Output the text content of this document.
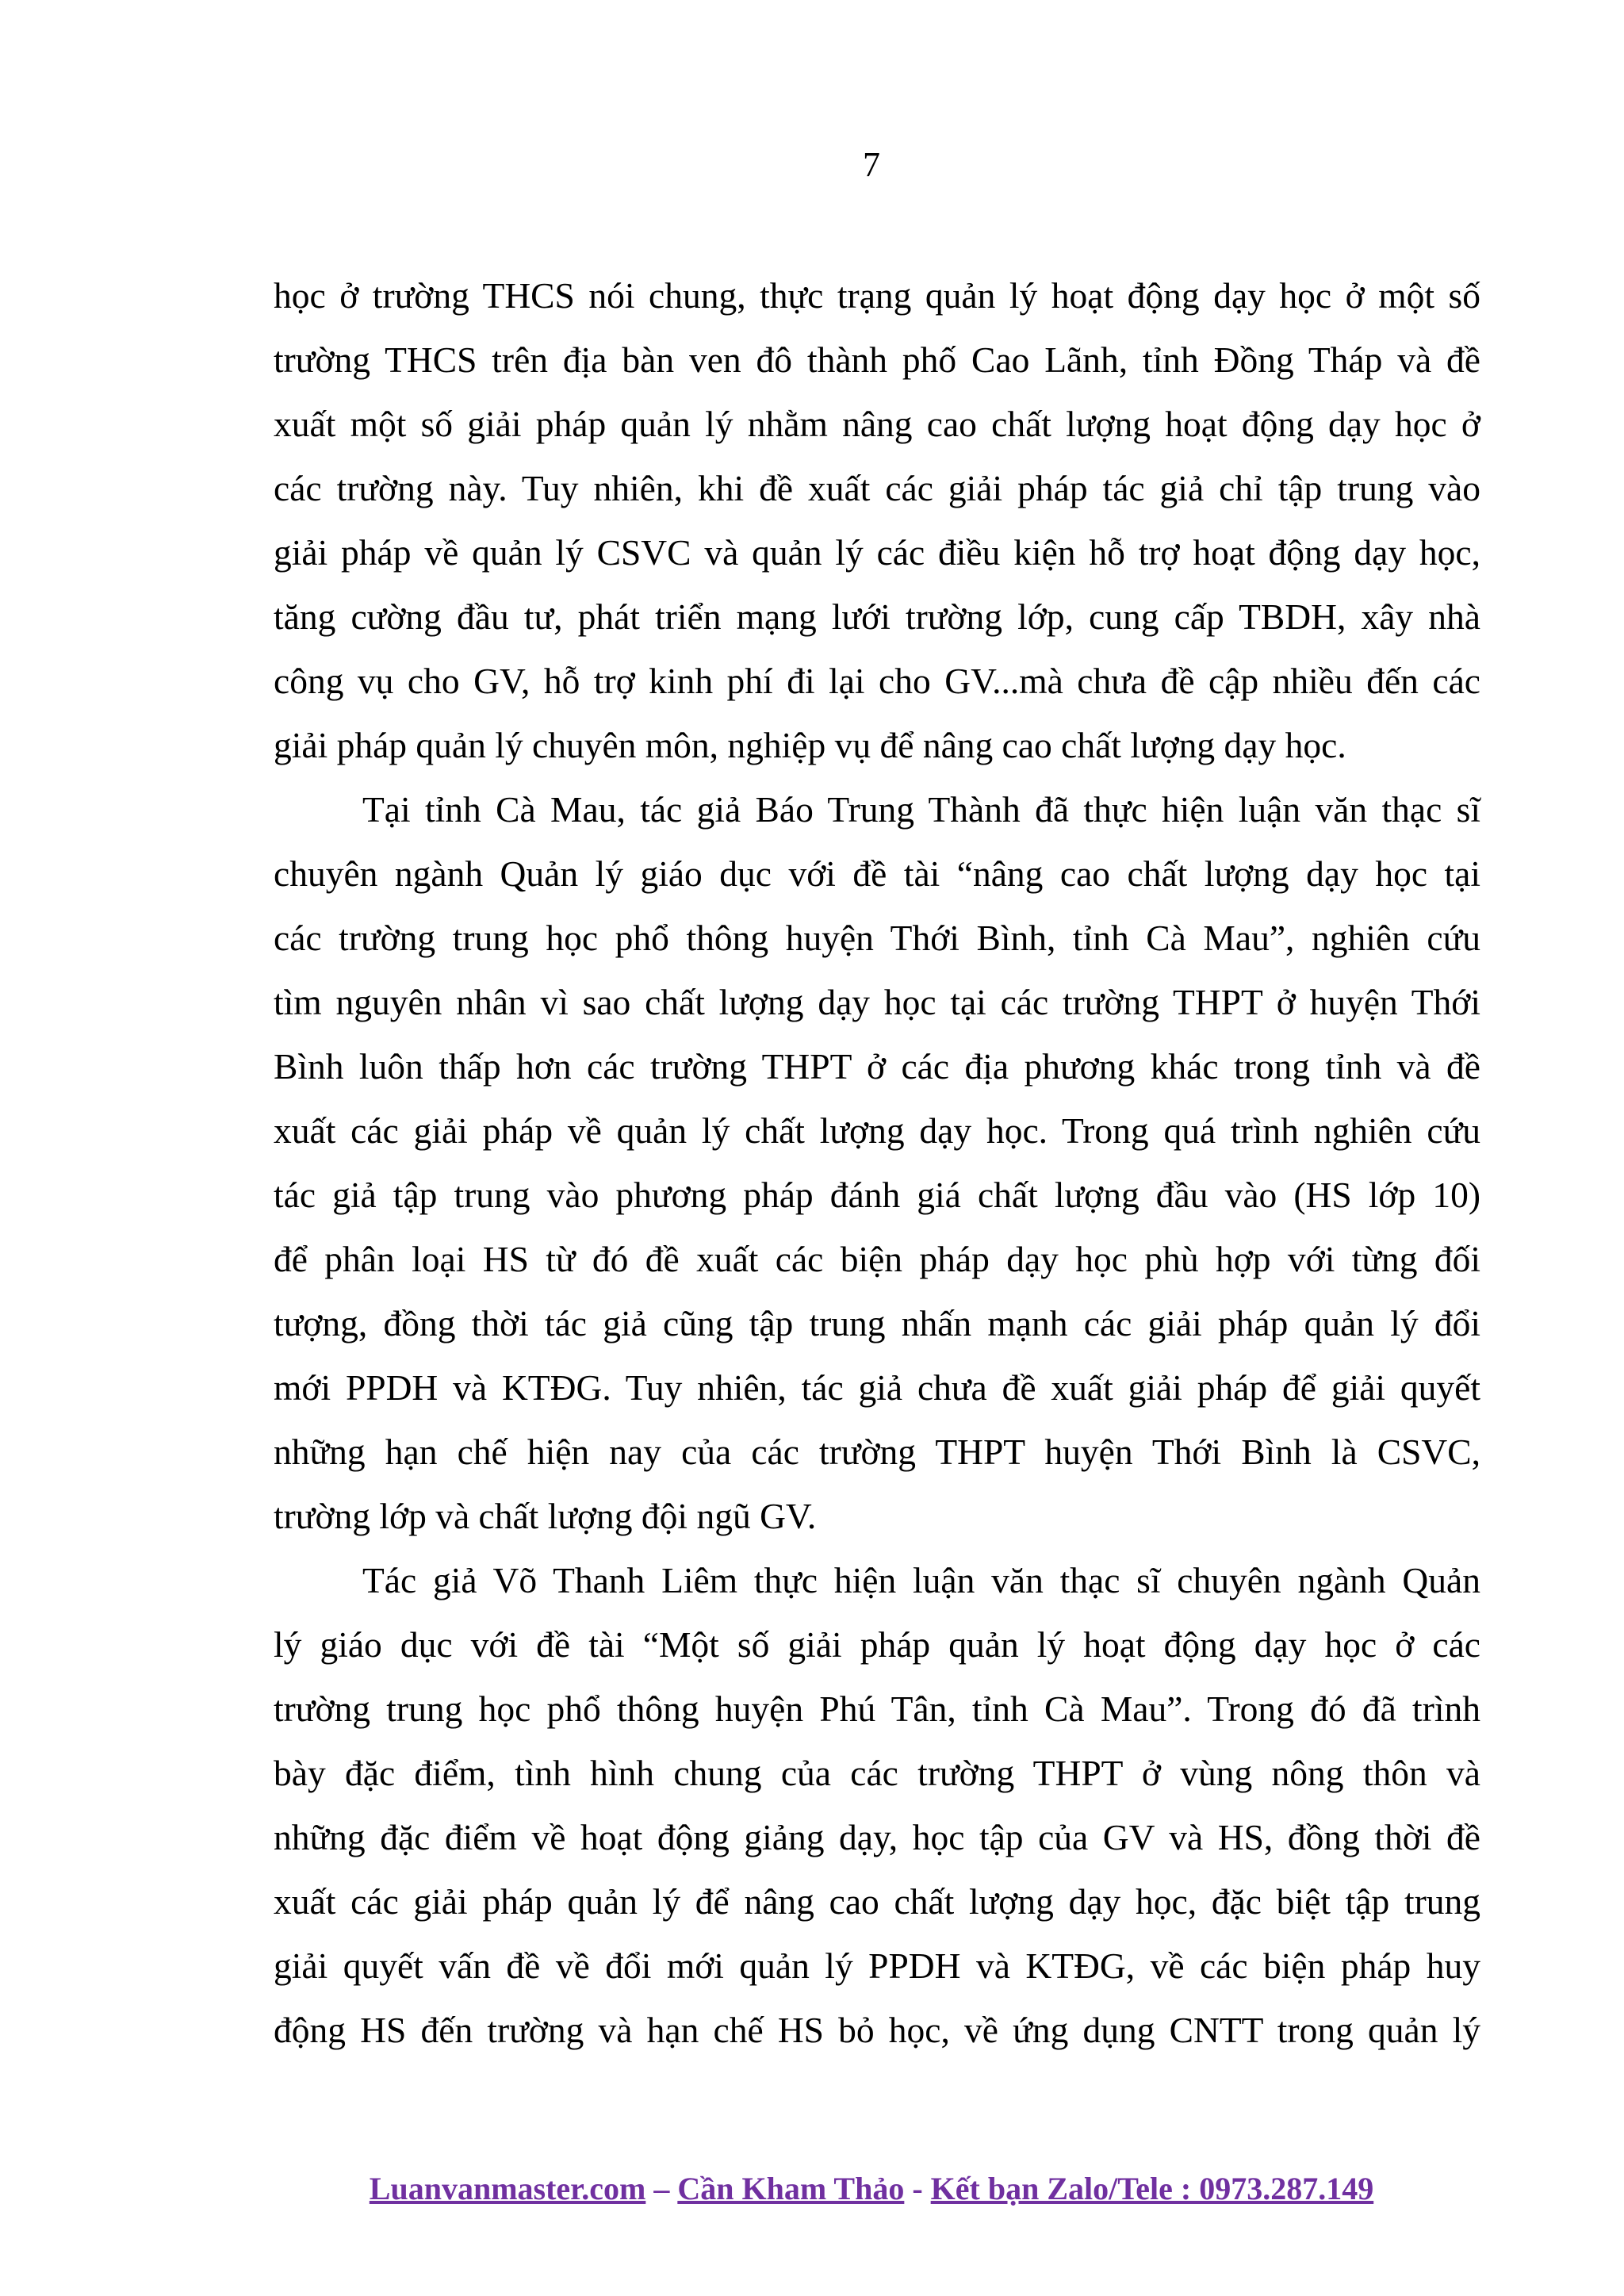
7
học ở trường THCS nói chung, thực trạng quản lý hoạt động dạy học ở một số
trường THCS trên địa bàn ven đô thành phố Cao Lãnh, tỉnh Đồng Tháp và đề
xuất một số giải pháp quản lý nhằm nâng cao chất lượng hoạt động dạy học ở
các trường này. Tuy nhiên, khi đề xuất các giải pháp tác giả chỉ tập trung vào
giải pháp về quản lý CSVC và quản lý các điều kiện hỗ trợ hoạt động dạy học,
tăng cường đầu tư, phát triển mạng lưới trường lớp, cung cấp TBDH, xây nhà
công vụ cho GV, hỗ trợ kinh phí đi lại cho GV...mà chưa đề cập nhiều đến các
giải pháp quản lý chuyên môn, nghiệp vụ để nâng cao chất lượng dạy học.
Tại tỉnh Cà Mau, tác giả Báo Trung Thành đã thực hiện luận văn thạc sĩ
chuyên ngành Quản lý giáo dục với đề tài “nâng cao chất lượng dạy học tại
các trường trung học phổ thông huyện Thới Bình, tỉnh Cà Mau”, nghiên cứu
tìm nguyên nhân vì sao chất lượng dạy học tại các trường THPT ở huyện Thới
Bình luôn thấp hơn các trường THPT ở các địa phương khác trong tỉnh và đề
xuất các giải pháp về quản lý chất lượng dạy học. Trong quá trình nghiên cứu
tác giả tập trung vào phương pháp đánh giá chất lượng đầu vào (HS lớp 10)
để phân loại HS từ đó đề xuất các biện pháp dạy học phù hợp với từng đối
tượng, đồng thời tác giả cũng tập trung nhấn mạnh các giải pháp quản lý đổi
mới PPDH và KTĐG. Tuy nhiên, tác giả chưa đề xuất giải pháp để giải quyết
những hạn chế hiện nay của các trường THPT huyện Thới Bình là CSVC,
trường lớp và chất lượng đội ngũ GV.
Tác giả Võ Thanh Liêm thực hiện luận văn thạc sĩ chuyên ngành Quản
lý giáo dục với đề tài “Một số giải pháp quản lý hoạt động dạy học ở các
trường trung học phổ thông huyện Phú Tân, tỉnh Cà Mau”. Trong đó đã trình
bày đặc điểm, tình hình chung của các trường THPT ở vùng nông thôn và
những đặc điểm về hoạt động giảng dạy, học tập của GV và HS, đồng thời đề
xuất các giải pháp quản lý để nâng cao chất lượng dạy học, đặc biệt tập trung
giải quyết vấn đề về đổi mới quản lý PPDH và KTĐG, về các biện pháp huy
động HS đến trường và hạn chế HS bỏ học, về ứng dụng CNTT trong quản lý
Luanvanmaster.com – Cần Kham Thảo - Kết bạn Zalo/Tele : 0973.287.149
